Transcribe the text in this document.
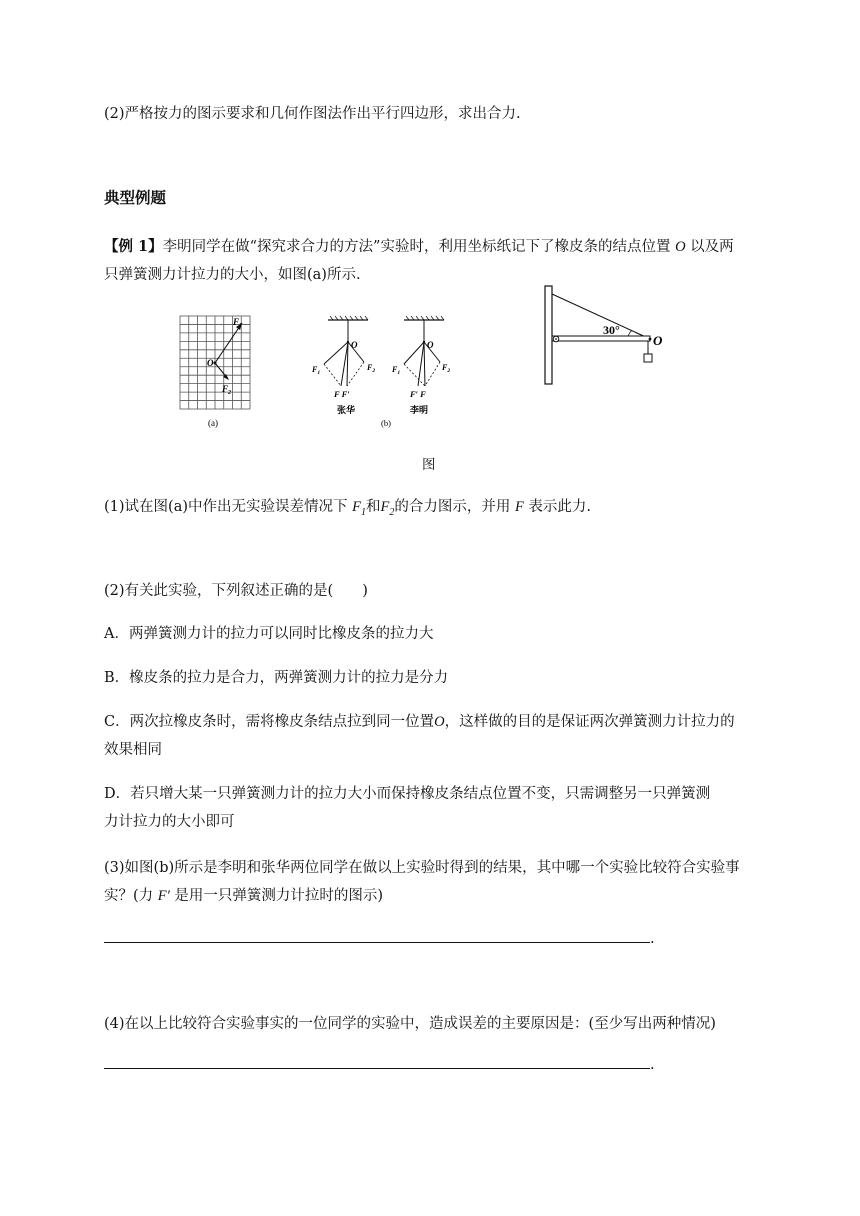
(2)严格按力的图示要求和几何作图法作出平行四边形，求出合力.
典型例题
【例 1】李明同学在做“探究求合力的方法”实验时，利用坐标纸记下了橡皮条的结点位置 O 以及两
只弹簧测力计拉力的大小，如图(a)所示.
$F_1$
O
$F_2$
(a)
O
$F_1$
$F_2$
F F′
张华
(b)
O
$F_1$
$F_2$
F′ F
李明
30°
O
图
(1)试在图(a)中作出无实验误差情况下 $F_1$和$F_2$的合力图示，并用 F 表示此力.
(2)有关此实验，下列叙述正确的是(　　)
A．两弹簧测力计的拉力可以同时比橡皮条的拉力大
B．橡皮条的拉力是合力，两弹簧测力计的拉力是分力
C．两次拉橡皮条时，需将橡皮条结点拉到同一位置O，这样做的目的是保证两次弹簧测力计拉力的
效果相同
D．若只增大某一只弹簧测力计的拉力大小而保持橡皮条结点位置不变，只需调整另一只弹簧测
力计拉力的大小即可
(3)如图(b)所示是李明和张华两位同学在做以上实验时得到的结果，其中哪一个实验比较符合实验事
实？(力 F′ 是用一只弹簧测力计拉时的图示)
.
(4)在以上比较符合实验事实的一位同学的实验中，造成误差的主要原因是：(至少写出两种情况)
.
